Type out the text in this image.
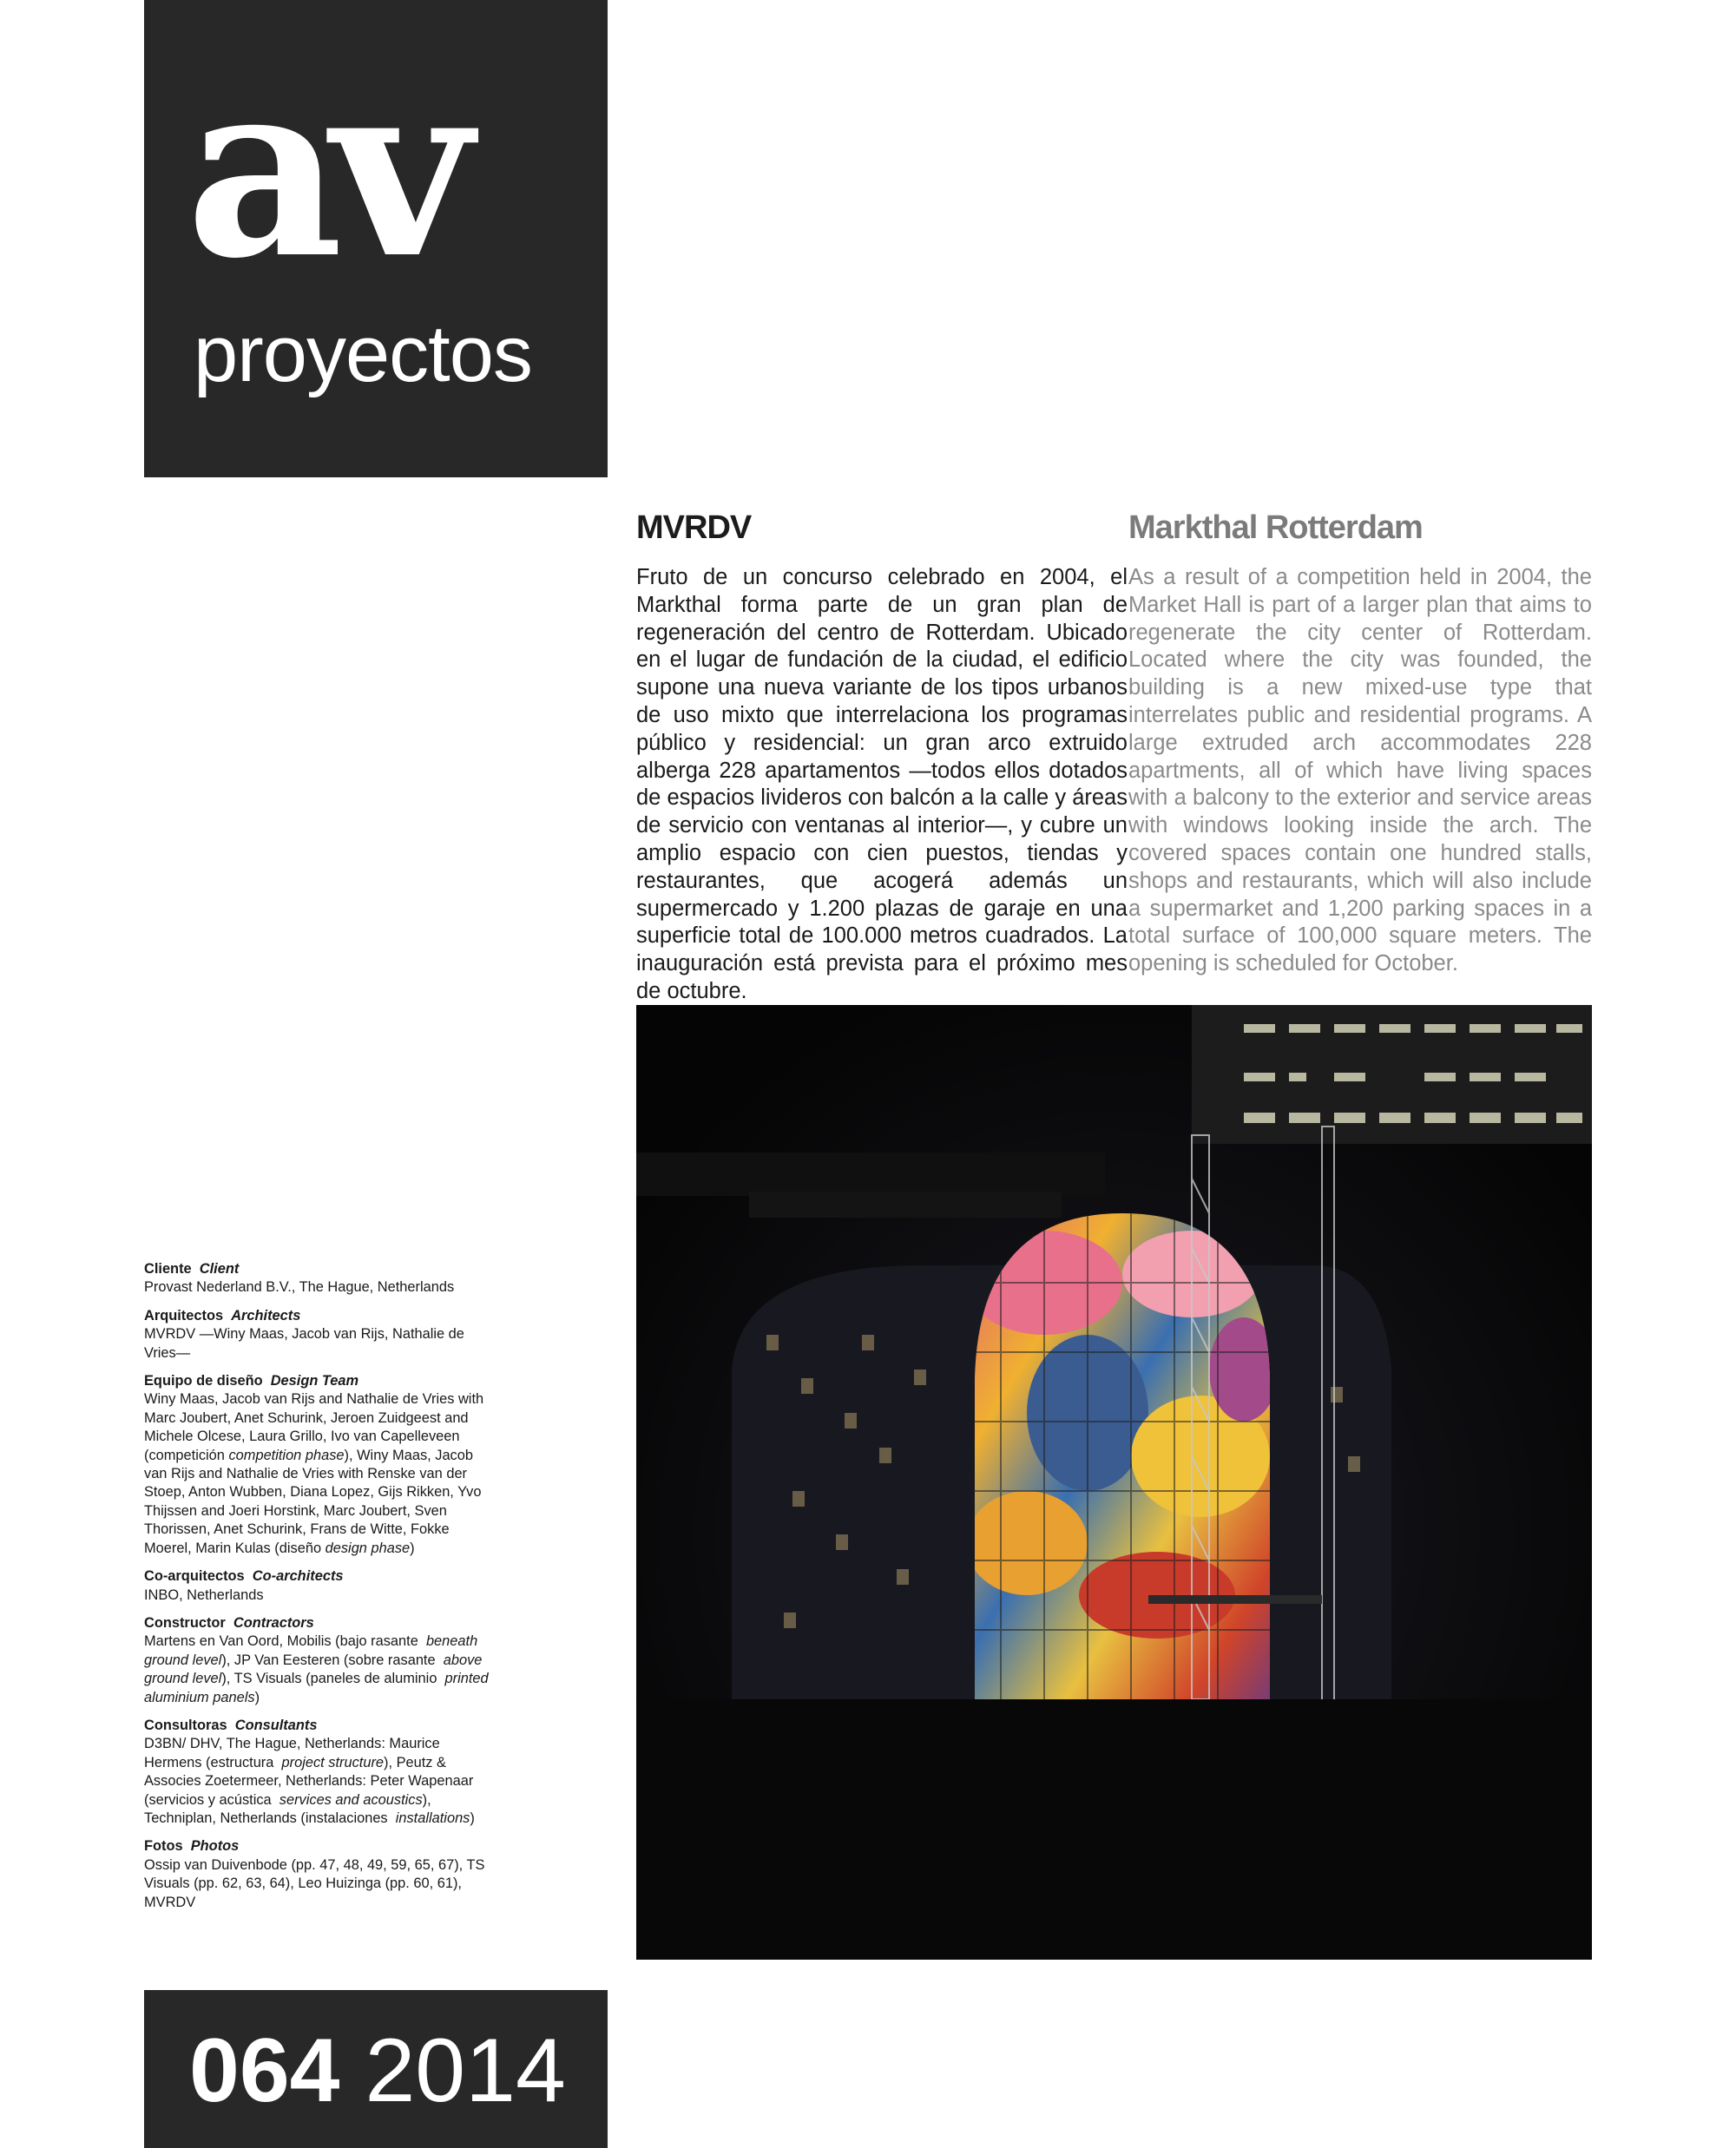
av
proyectos
MVRDV

Fruto de un concurso celebrado en 2004, el Markthal forma parte de un gran plan de regeneración del centro de Rotterdam. Ubicado en el lugar de fundación de la ciudad, el edificio supone una nueva variante de los tipos urbanos de uso mixto que interrelaciona los programas público y residencial: un gran arco extruido alberga 228 apartamentos —todos ellos dotados de espacios livideros con balcón a la calle y áreas de servicio con ventanas al interior—, y cubre un amplio espacio con cien puestos, tiendas y restaurantes, que acogerá además un supermercado y 1.200 plazas de garaje en una superficie total de 100.000 metros cuadrados. La inauguración está prevista para el próximo mes de octubre.

Markthal Rotterdam

As a result of a competition held in 2004, the Market Hall is part of a larger plan that aims to regenerate the city center of Rotterdam. Located where the city was founded, the building is a new mixed-use type that interrelates public and residential programs. A large extruded arch accommodates 228 apartments, all of which have living spaces with a balcony to the exterior and service areas with windows looking inside the arch. The covered spaces contain one hundred stalls, shops and restaurants, which will also include a supermarket and 1,200 parking spaces in a total surface of 100,000 square meters. The opening is scheduled for October.

Cliente Client
Provast Nederland B.V., The Hague, Netherlands
Arquitectos Architects
MVRDV —Winy Maas, Jacob van Rijs, Nathalie de Vries—
Equipo de diseño Design Team
Winy Maas, Jacob van Rijs and Nathalie de Vries with Marc Joubert, Anet Schurink, Jeroen Zuidgeest and Michele Olcese, Laura Grillo, Ivo van Capelleveen (competición competition phase), Winy Maas, Jacob van Rijs and Nathalie de Vries with Renske van der Stoep, Anton Wubben, Diana Lopez, Gijs Rikken, Yvo Thijssen and Joeri Horstink, Marc Joubert, Sven Thorissen, Anet Schurink, Frans de Witte, Fokke Moerel, Marin Kulas (diseño design phase)
Co-arquitectos Co-architects
INBO, Netherlands
Constructor Contractors
Martens en Van Oord, Mobilis (bajo rasante beneath ground level), JP Van Eesteren (sobre rasante above ground level), TS Visuals (paneles de aluminio printed aluminium panels)
Consultoras Consultants
D3BN/ DHV, The Hague, Netherlands: Maurice Hermens (estructura project structure), Peutz & Associes Zoetermeer, Netherlands: Peter Wapenaar (servicios y acústica services and acoustics), Techniplan, Netherlands (instalaciones installations)
Fotos Photos
Ossip van Duivenbode (pp. 47, 48, 49, 59, 65, 67), TS Visuals (pp. 62, 63, 64), Leo Huizinga (pp. 60, 61), MVRDV
064 2014
